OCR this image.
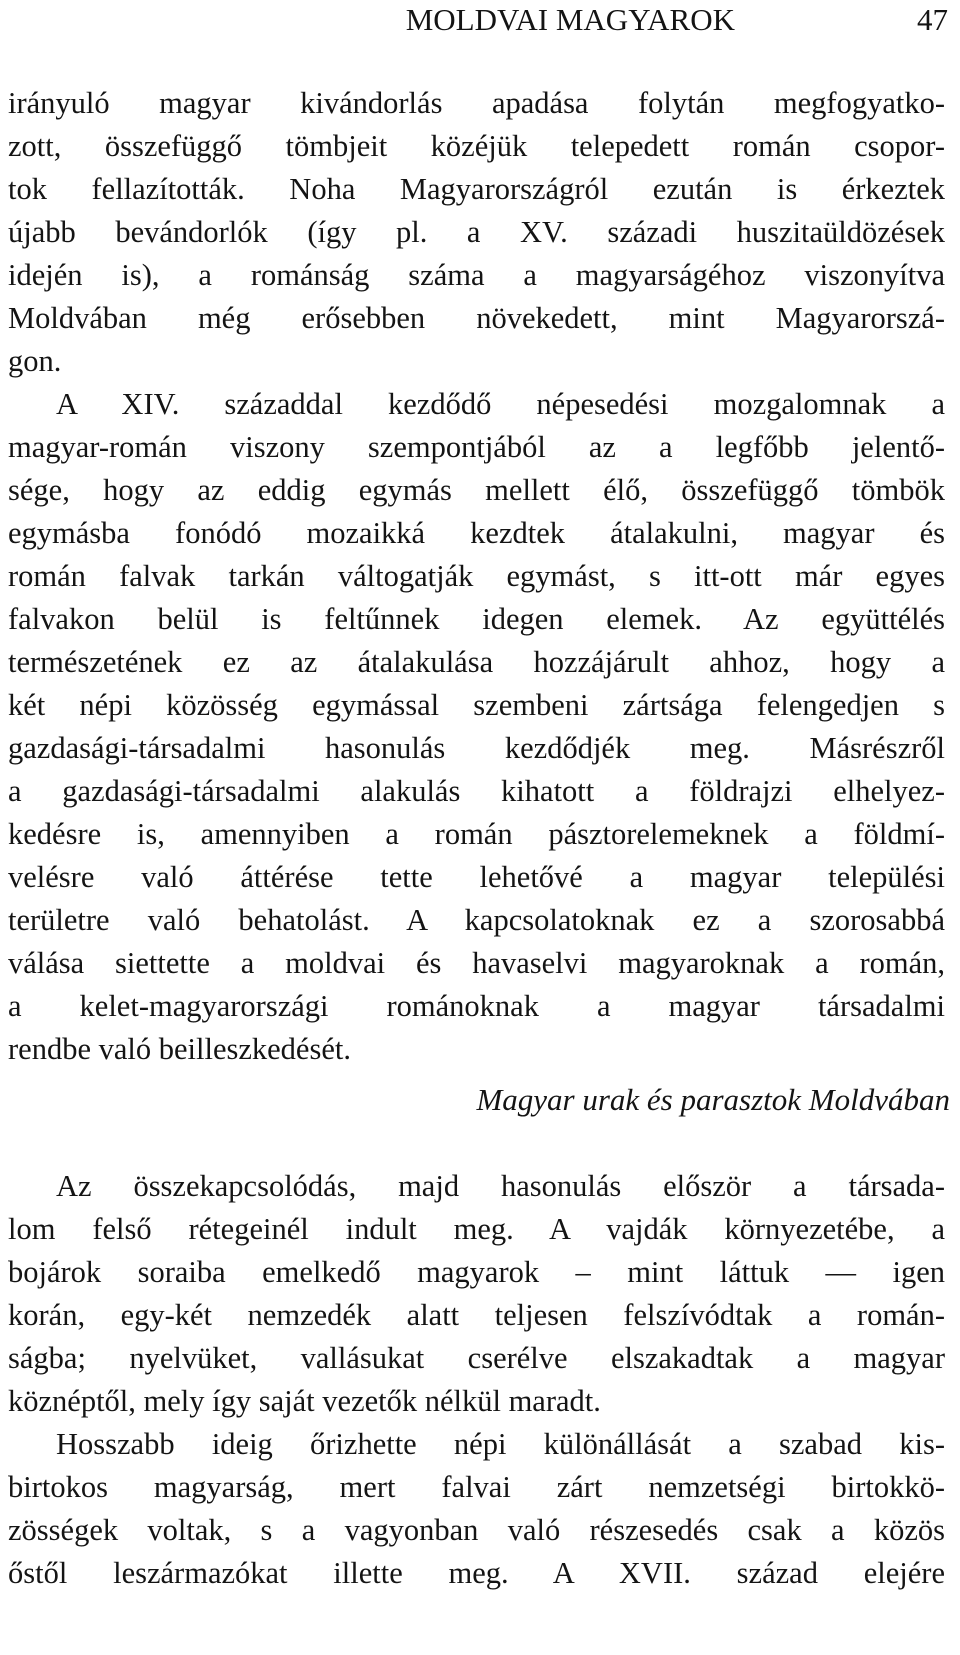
MOLDVAI MAGYAROK	47
irányuló magyar kivándorlás apadása folytán megfogyatko-
zott, összefüggő tömbjeit közéjük telepedett román csopor-
tok fellazították. Noha Magyarországról ezután is érkeztek
újabb bevándorlók (így pl. a XV. századi huszitaüldözések
idején is), a románság száma a magyarságéhoz viszonyítva
Moldvában még erősebben növekedett, mint Magyarorszá-
gon.
A XIV. századdal kezdődő népesedési mozgalomnak a
magyar-román viszony szempontjából az a legfőbb jelentő-
sége, hogy az eddig egymás mellett élő, összefüggő tömbök
egymásba fonódó mozaikká kezdtek átalakulni, magyar és
román falvak tarkán váltogatják egymást, s itt-ott már egyes
falvakon belül is feltűnnek idegen elemek. Az együttélés
természetének ez az átalakulása hozzájárult ahhoz, hogy a
két népi közösség egymással szembeni zártsága felengedjen s
gazdasági-társadalmi hasonulás kezdődjék meg. Másrészről
a gazdasági-társadalmi alakulás kihatott a földrajzi elhelyez-
kedésre is, amennyiben a román pásztorelemeknek a földmí-
velésre való áttérése tette lehetővé a magyar települési
területre való behatolást. A kapcsolatoknak ez a szorosabbá
válása siettette a moldvai és havaselvi magyaroknak a román,
a kelet-magyarországi románoknak a magyar társadalmi
rendbe való beilleszkedését.
Magyar urak és parasztok Moldvában
Az összekapcsolódás, majd hasonulás először a társada-
lom felső rétegeinél indult meg. A vajdák környezetébe, a
bojárok soraiba emelkedő magyarok – mint láttuk — igen
korán, egy-két nemzedék alatt teljesen felszívódtak a román-
ságba; nyelvüket, vallásukat cserélve elszakadtak a magyar
köznéptől, mely így saját vezetők nélkül maradt.
Hosszabb ideig őrizhette népi különállását a szabad kis-
birtokos magyarság, mert falvai zárt nemzetségi birtokkö-
zösségek voltak, s a vagyonban való részesedés csak a közös
őstől leszármazókat illette meg. A XVII. század elejére
